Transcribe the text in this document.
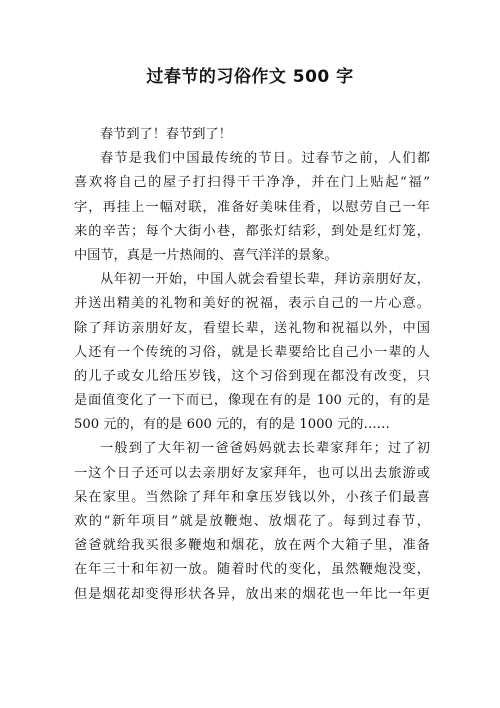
过春节的习俗作文 500 字
春节到了！春节到了！
春节是我们中国最传统的节日。过春节之前，人们都
喜欢将自己的屋子打扫得干干净净，并在门上贴起“福”
字，再挂上一幅对联，准备好美味佳肴，以慰劳自己一年
来的辛苦；每个大街小巷，都张灯结彩，到处是红灯笼，
中国节，真是一片热闹的、喜气洋洋的景象。
从年初一开始，中国人就会看望长辈，拜访亲朋好友，
并送出精美的礼物和美好的祝福，表示自己的一片心意。
除了拜访亲朋好友，看望长辈，送礼物和祝福以外，中国
人还有一个传统的习俗，就是长辈要给比自己小一辈的人
的儿子或女儿给压岁钱，这个习俗到现在都没有改变，只
是面值变化了一下而已，像现在有的是 100 元的，有的是
500 元的，有的是 600 元的，有的是 1000 元的……
一般到了大年初一爸爸妈妈就去长辈家拜年；过了初
一这个日子还可以去亲朋好友家拜年，也可以出去旅游或
呆在家里。当然除了拜年和拿压岁钱以外，小孩子们最喜
欢的“新年项目”就是放鞭炮、放烟花了。每到过春节，
爸爸就给我买很多鞭炮和烟花，放在两个大箱子里，准备
在年三十和年初一放。随着时代的变化，虽然鞭炮没变，
但是烟花却变得形状各异，放出来的烟花也一年比一年更
